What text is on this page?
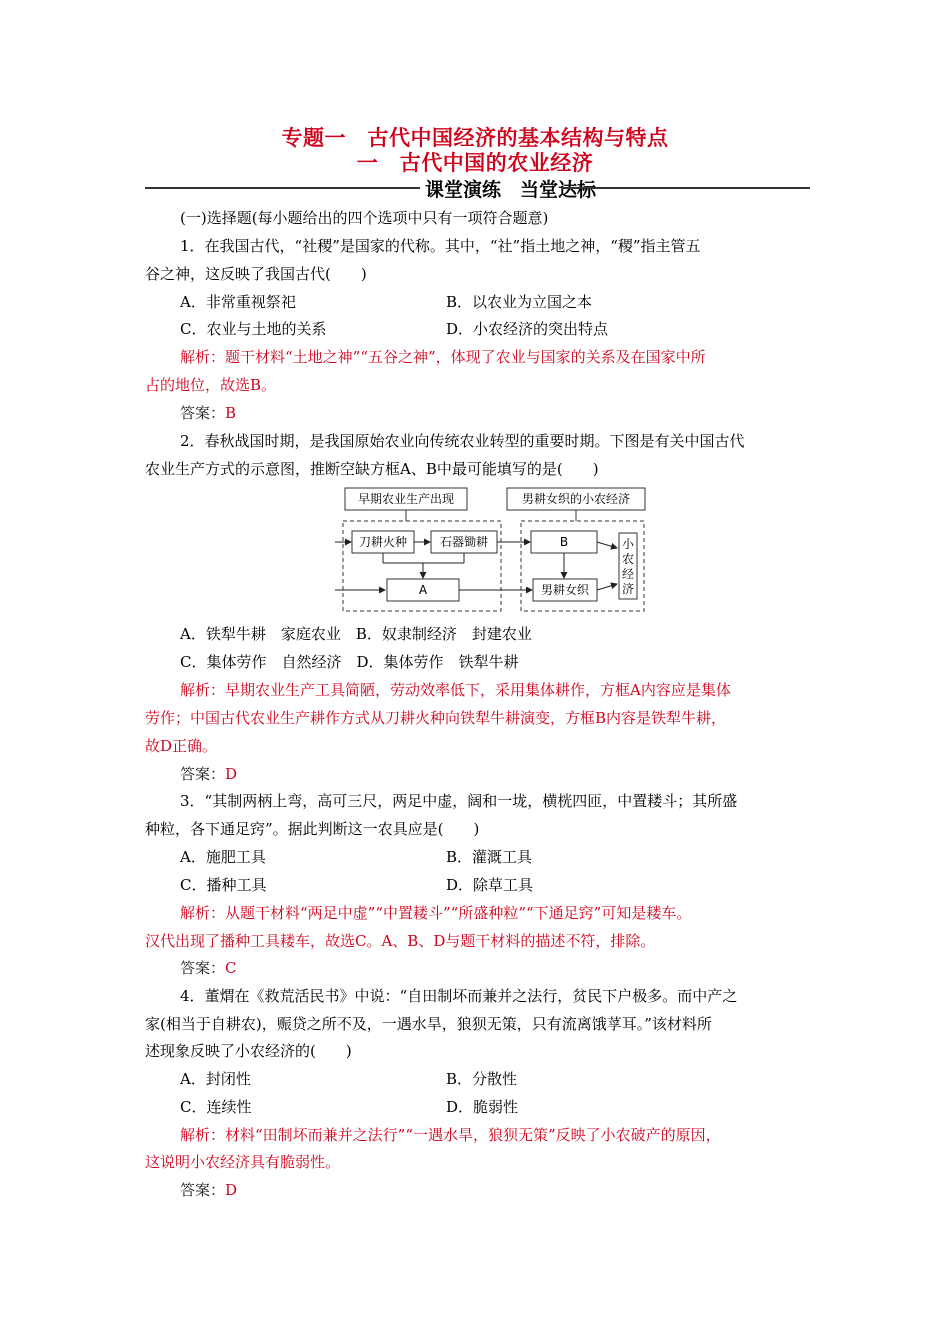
专题一　古代中国经济的基本结构与特点
一　古代中国的农业经济
课堂演练　当堂达标
(一)选择题(每小题给出的四个选项中只有一项符合题意)
1．在我国古代，“社稷”是国家的代称。其中，“社”指土地之神，“稷”指主管五
谷之神，这反映了我国古代(　　)
A．非常重视祭祀	B．以农业为立国之本
C．农业与土地的关系	D．小农经济的突出特点
解析：题干材料“土地之神”“五谷之神”，体现了农业与国家的关系及在国家中所
占的地位，故选B。
答案：B
2．春秋战国时期，是我国原始农业向传统农业转型的重要时期。下图是有关中国古代
农业生产方式的示意图，推断空缺方框A、B中最可能填写的是(　　)
早期农业生产出现	男耕女织的小农经济
刀耕火种	石器锄耕
A
B
男耕女织
小
农
经
济
A．铁犁牛耕　家庭农业　B．奴隶制经济　封建农业
C．集体劳作　自然经济　D．集体劳作　铁犁牛耕
解析：早期农业生产工具简陋，劳动效率低下，采用集体耕作，方框A内容应是集体
劳作；中国古代农业生产耕作方式从刀耕火种向铁犁牛耕演变，方框B内容是铁犁牛耕，
故D正确。
答案：D
3．“其制两柄上弯，高可三尺，两足中虚，阔和一垅，横桄四匝，中置耧斗；其所盛
种粒，各下通足窍”。据此判断这一农具应是(　　)
A．施肥工具	B．灌溉工具
C．播种工具	D．除草工具
解析：从题干材料“两足中虚”“中置耧斗”“所盛种粒”“下通足窍”可知是耧车。
汉代出现了播种工具耧车，故选C。A、B、D与题干材料的描述不符，排除。
答案：C
4．董煟在《救荒活民书》中说：“自田制坏而兼并之法行，贫民下户极多。而中产之
家(相当于自耕农)，赈贷之所不及，一遇水旱，狼狈无策，只有流离饿莩耳。”该材料所
述现象反映了小农经济的(　　)
A．封闭性	B．分散性
C．连续性	D．脆弱性
解析：材料“田制坏而兼并之法行”“一遇水旱，狼狈无策”反映了小农破产的原因，
这说明小农经济具有脆弱性。
答案：D
